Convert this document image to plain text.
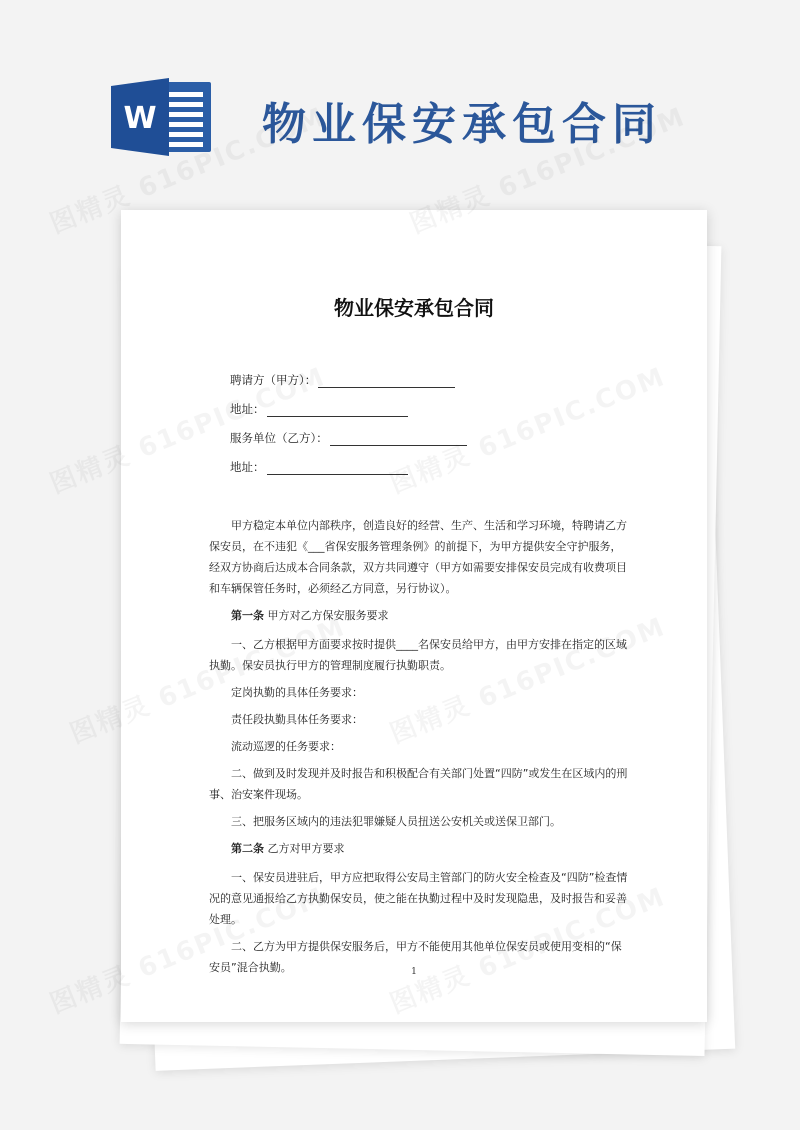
W 物业保安承包合同
物业保安承包合同
聘请方（甲方）：
地址：
服务单位（乙方）：
地址：

甲方稳定本单位内部秩序，创造良好的经营、生产、生活和学习环境，特聘请乙方保安员，在不违犯《___省保安服务管理条例》的前提下，为甲方提供安全守护服务，经双方协商后达成本合同条款，双方共同遵守（甲方如需要安排保安员完成有收费项目和车辆保管任务时，必须经乙方同意，另行协议）。

第一条 甲方对乙方保安服务要求

一、乙方根据甲方面要求按时提供____名保安员给甲方，由甲方安排在指定的区域执勤。保安员执行甲方的管理制度履行执勤职责。

定岗执勤的具体任务要求：

责任段执勤具体任务要求：

流动巡逻的任务要求：

二、做到及时发现并及时报告和积极配合有关部门处置“四防”或发生在区域内的刑事、治安案件现场。

三、把服务区域内的违法犯罪嫌疑人员扭送公安机关或送保卫部门。

第二条 乙方对甲方要求

一、保安员进驻后，甲方应把取得公安局主管部门的防火安全检查及“四防”检查情况的意见通报给乙方执勤保安员，使之能在执勤过程中及时发现隐患，及时报告和妥善处理。

二、乙方为甲方提供保安服务后，甲方不能使用其他单位保安员或使用变相的“保安员”混合执勤。	1
